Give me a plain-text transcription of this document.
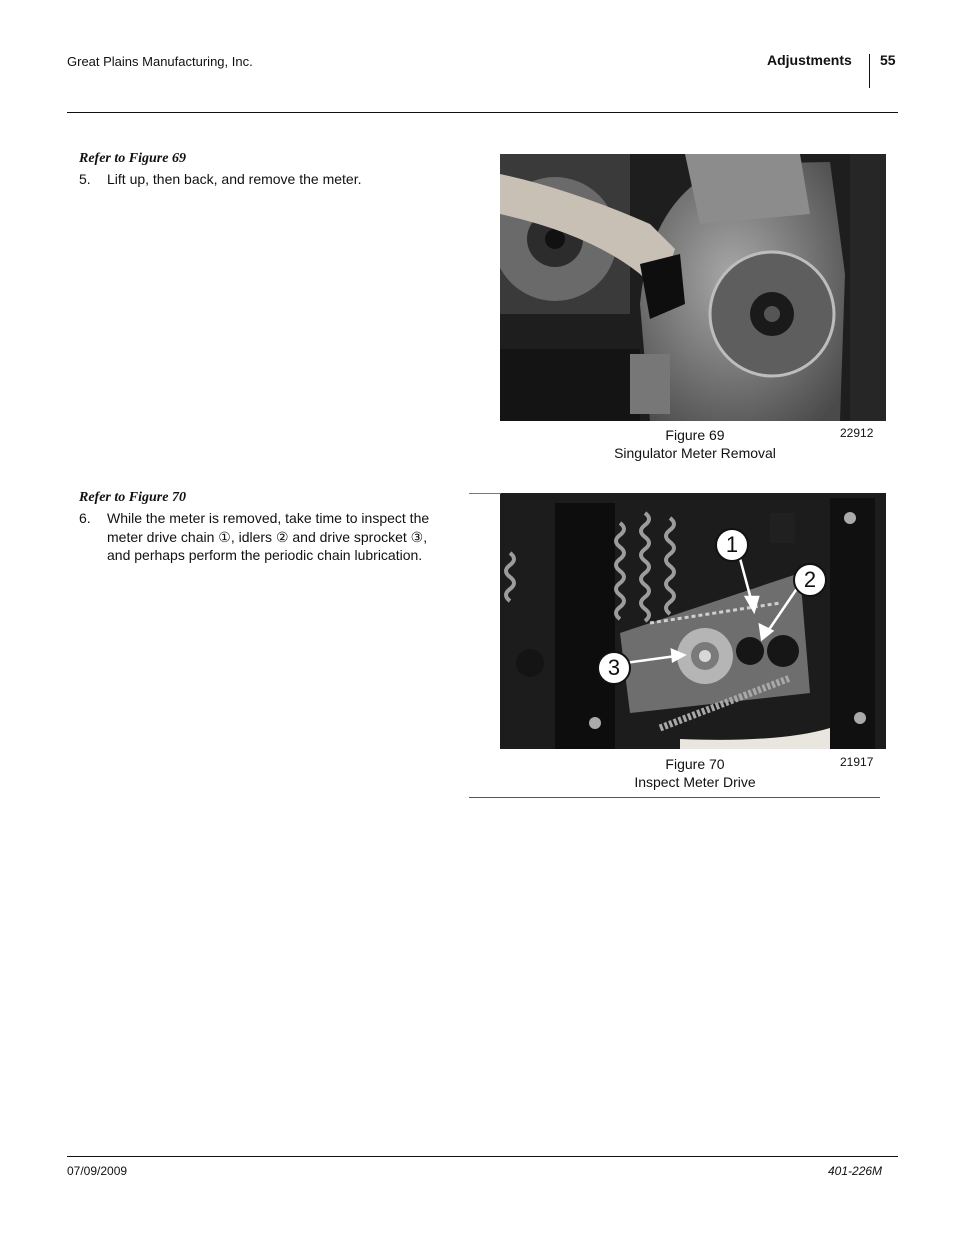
Great Plains Manufacturing, Inc.	Adjustments 55
Refer to Figure 69
5. Lift up, then back, and remove the meter.
Figure 69
Singulator Meter Removal
22912
Refer to Figure 70
6. While the meter is removed, take time to inspect the
meter drive chain ①, idlers ② and drive sprocket ③,
and perhaps perform the periodic chain lubrication.	1
2
3
Figure 70
Inspect Meter Drive
21917
07/09/2009	401-226M
